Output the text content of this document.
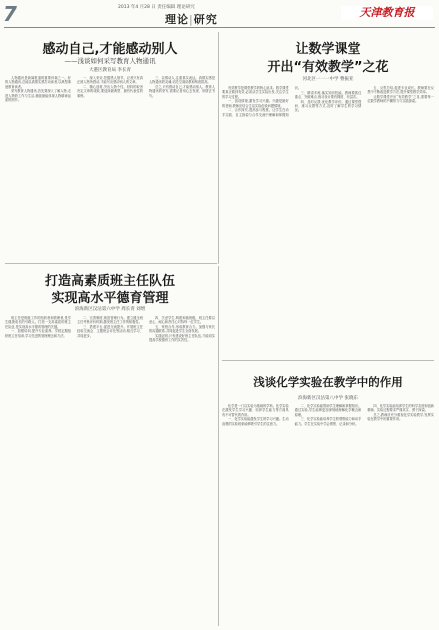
7	2013 年4 月28 日 责任编辑 理论研究
理论|研究
天津教育报
感动自己,才能感动别人
——浅谈如何采写教育人物通讯
大港区教育局 李长青

人物通讯是新闻报道的重要体裁之一。好的人物通讯,总能以真情实感打动读者,以典型事迹教育读者。

采写教育人物通讯,首先要深入了解人物,走进人物的工作与生活,捕捉最能体现人物精神品质的细节。

一、深入采访,挖掘感人细节。记者只有真正被人物所感动,才能写出感动别人的文章。

二、精心选材,突出人物个性。材料的取舍决定文章的成败,要选择最典型、最有代表性的事例。

三、以情动人,注重真实表达。真情实感是人物通讯的灵魂,切忌空洞说教和刻意拔高。

总之,只有感动自己,才能感动别人。教育人物通讯的采写,需要记者用心去发现、用情去书写。

让数学课堂
开出“有效教学”之花
河北区一一一中学 曹振亚

有效教学是课堂教学的核心追求。数学课堂要真正做到有效,必须从学生实际出发,关注学生的学习过程。

一、创设情境,激发学习兴趣。兴趣是最好的老师,教师应结合生活实际创设问题情境。

二、合作探究,提高参与程度。让学生在动手实践、自主探索与合作交流中理解和掌握知识。

三、精讲多练,落实知识技能。教师要抓住重点、突破难点,练习设计要有梯度、有层次。

四、及时反馈,优化教学评价。通过课堂提问、练习反馈等方式,及时了解学生的学习情况。

五、反思总结,促进专业成长。教师要在反思中不断改进教学方法,提升课堂教学效率。

让数学课堂开出“有效教学”之花,需要每一位数学教师的不懈努力与实践探索。

打造高素质班主任队伍
实现高水平德育管理
滨海新区汉沽第六中学 周长青 刘增

班主任是班级工作的组织者和管理者,是学生健康成长的引路人。打造一支高素质的班主任队伍,是实现高水平德育管理的关键。

一、加强培训,提升专业素养。学校定期组织班主任培训,学习先进的管理理念和方法。

二、完善制度,规范管理行为。建立健全班主任考核评价机制,激发班主任工作的积极性。

三、搭建平台,促进交流提升。开展班主任经验交流会、主题班会评比等活动,相互学习、共同进步。

四、关爱学生,构建和谐班级。班主任要以爱心、耐心和责任心对待每一位学生。

五、家校合作,形成教育合力。加强与家长的沟通联系,共同促进学生全面发展。

实践证明,只有建设好班主任队伍,才能切实提高学校德育工作的实效性。

浅谈化学实验在教学中的作用
滨海新区汉沽第八中学 张晓东

化学是一门以实验为基础的学科。化学实验在激发学生学习兴趣、培养学生能力等方面具有不可替代的作用。

一、化学实验能激发学生的学习兴趣。生动直观的实验现象能够吸引学生的注意力。

二、化学实验能帮助学生理解和掌握知识。通过实验,学生能够更加深刻地理解化学概念和原理。

三、化学实验能培养学生的观察能力和动手能力。学生在实验中学会观察、记录和分析。

四、化学实验能培养学生的科学态度和创新精神。实验过程要求严谨求实、勇于探索。

总之,教师应充分重视化学实验教学,发挥实验在教学中的重要作用。
